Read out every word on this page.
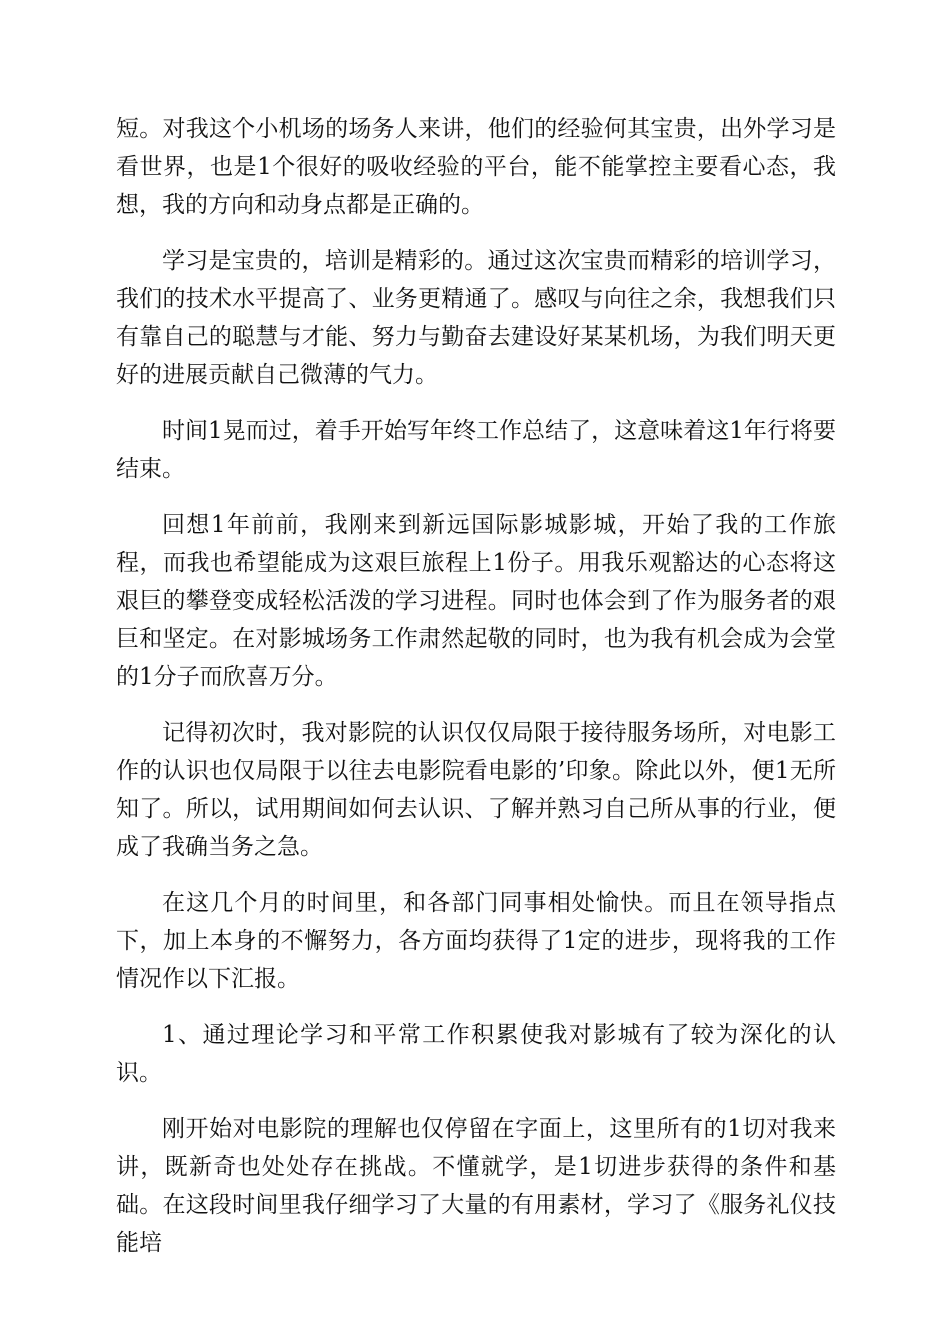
短。对我这个小机场的场务人来讲，他们的经验何其宝贵，出外学习是看世界，也是1个很好的吸收经验的平台，能不能掌控主要看心态，我想，我的方向和动身点都是正确的。

学习是宝贵的，培训是精彩的。通过这次宝贵而精彩的培训学习，我们的技术水平提高了、业务更精通了。感叹与向往之余，我想我们只有靠自己的聪慧与才能、努力与勤奋去建设好某某机场，为我们明天更好的进展贡献自己微薄的气力。

时间1晃而过，着手开始写年终工作总结了，这意味着这1年行将要结束。

回想1年前前，我刚来到新远国际影城影城，开始了我的工作旅程，而我也希望能成为这艰巨旅程上1份子。用我乐观豁达的心态将这艰巨的攀登变成轻松活泼的学习进程。同时也体会到了作为服务者的艰巨和坚定。在对影城场务工作肃然起敬的同时，也为我有机会成为会堂的1分子而欣喜万分。

记得初次时，我对影院的认识仅仅局限于接待服务场所，对电影工作的认识也仅局限于以往去电影院看电影的’印象。除此以外，便1无所知了。所以，试用期间如何去认识、了解并熟习自己所从事的行业，便成了我确当务之急。

在这几个月的时间里，和各部门同事相处愉快。而且在领导指点下，加上本身的不懈努力，各方面均获得了1定的进步，现将我的工作情况作以下汇报。

1、通过理论学习和平常工作积累使我对影城有了较为深化的认识。

刚开始对电影院的理解也仅停留在字面上，这里所有的1切对我来讲，既新奇也处处存在挑战。不懂就学，是1切进步获得的条件和基础。在这段时间里我仔细学习了大量的有用素材，学习了《服务礼仪技能培
